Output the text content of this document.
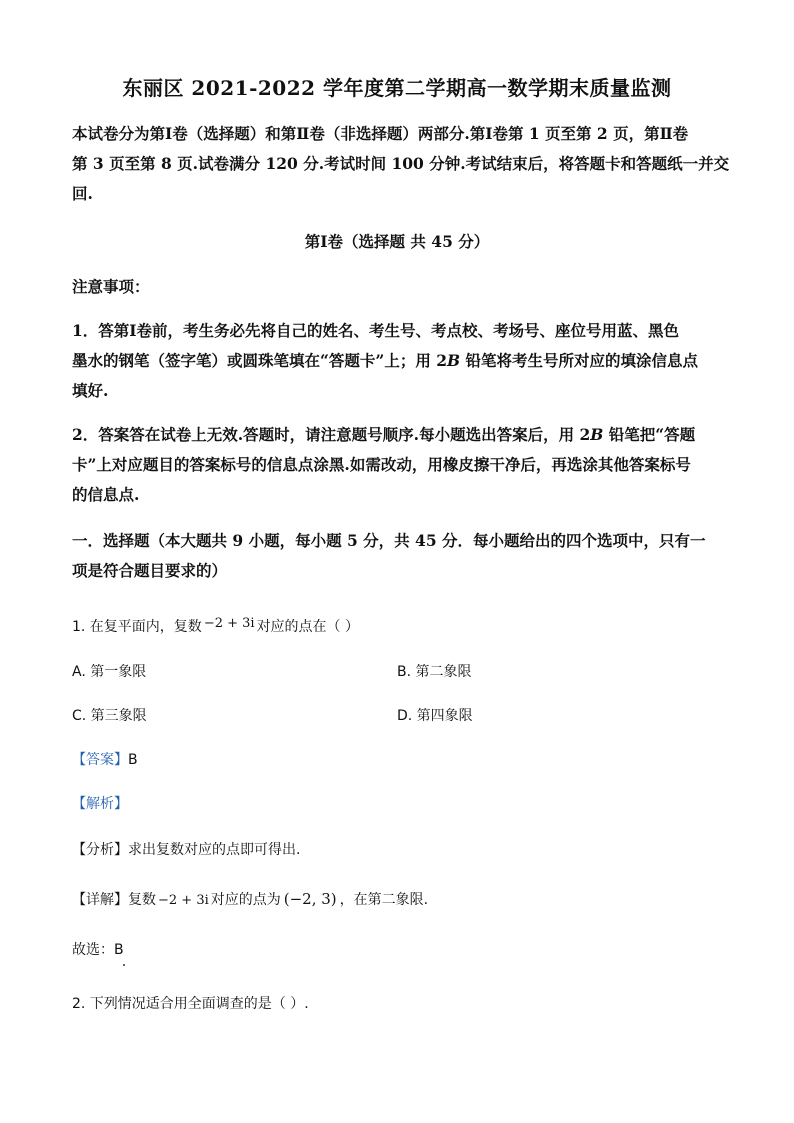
东丽区 2021-2022 学年度第二学期高一数学期末质量监测
本试卷分为第Ⅰ卷（选择题）和第Ⅱ卷（非选择题）两部分.第Ⅰ卷第 1 页至第 2 页，第Ⅱ卷
第 3 页至第 8 页.试卷满分 120 分.考试时间 100 分钟.考试结束后，将答题卡和答题纸一并交
回.
第Ⅰ卷（选择题 共 45 分）
注意事项：
1．答第Ⅰ卷前，考生务必先将自己的姓名、考生号、考点校、考场号、座位号用蓝、黑色
墨水的钢笔（签字笔）或圆珠笔填在“答题卡”上；用 2B 铅笔将考生号所对应的填涂信息点
填好.
2．答案答在试卷上无效.答题时，请注意题号顺序.每小题选出答案后，用 2B 铅笔把“答题
卡”上对应题目的答案标号的信息点涂黑.如需改动，用橡皮擦干净后，再选涂其他答案标号
的信息点.
一．选择题（本大题共 9 小题，每小题 5 分，共 45 分．每小题给出的四个选项中，只有一
项是符合题目要求的）
1. 在复平面内，复数 −2 + 3i 对应的点在（ ）
A. 第一象限	B. 第二象限
C. 第三象限	D. 第四象限
【答案】B
【解析】
【分析】求出复数对应的点即可得出.
【详解】复数 −2 + 3i 对应的点为 (−2, 3) ，在第二象限.
故选：B
2. 下列情况适合用全面调查的是（ ）.
